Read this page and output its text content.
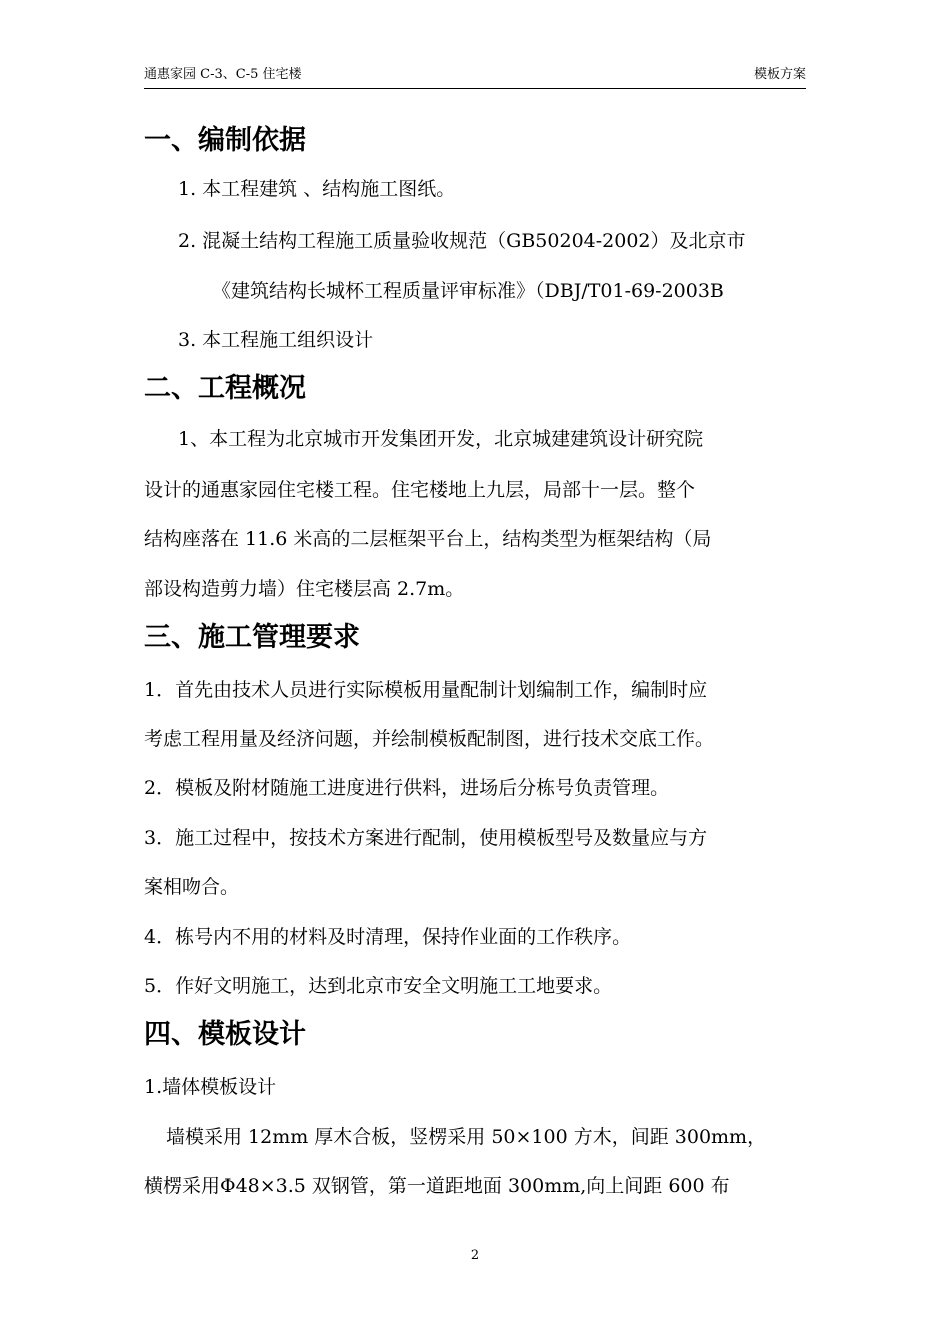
通惠家园 C-3、C-5 住宅楼	模板方案
一、编制依据
1. 本工程建筑 、结构施工图纸。
2. 混凝土结构工程施工质量验收规范（GB50204-2002）及北京市
《建筑结构长城杯工程质量评审标准》（DBJ/T01-69-2003B
3. 本工程施工组织设计
二、工程概况
1、本工程为北京城市开发集团开发，北京城建建筑设计研究院
设计的通惠家园住宅楼工程。住宅楼地上九层，局部十一层。整个
结构座落在 11.6 米高的二层框架平台上，结构类型为框架结构（局
部设构造剪力墙）住宅楼层高 2.7m。
三、施工管理要求
1．首先由技术人员进行实际模板用量配制计划编制工作，编制时应
考虑工程用量及经济问题，并绘制模板配制图，进行技术交底工作。
2．模板及附材随施工进度进行供料，进场后分栋号负责管理。
3．施工过程中，按技术方案进行配制，使用模板型号及数量应与方
案相吻合。
4．栋号内不用的材料及时清理，保持作业面的工作秩序。
5．作好文明施工，达到北京市安全文明施工工地要求。
四、模板设计
1.墙体模板设计
墙模采用 12mm 厚木合板，竖楞采用 50×100 方木，间距 300mm，
横楞采用Φ48×3.5 双钢管，第一道距地面 300mm,向上间距 600 布
2
